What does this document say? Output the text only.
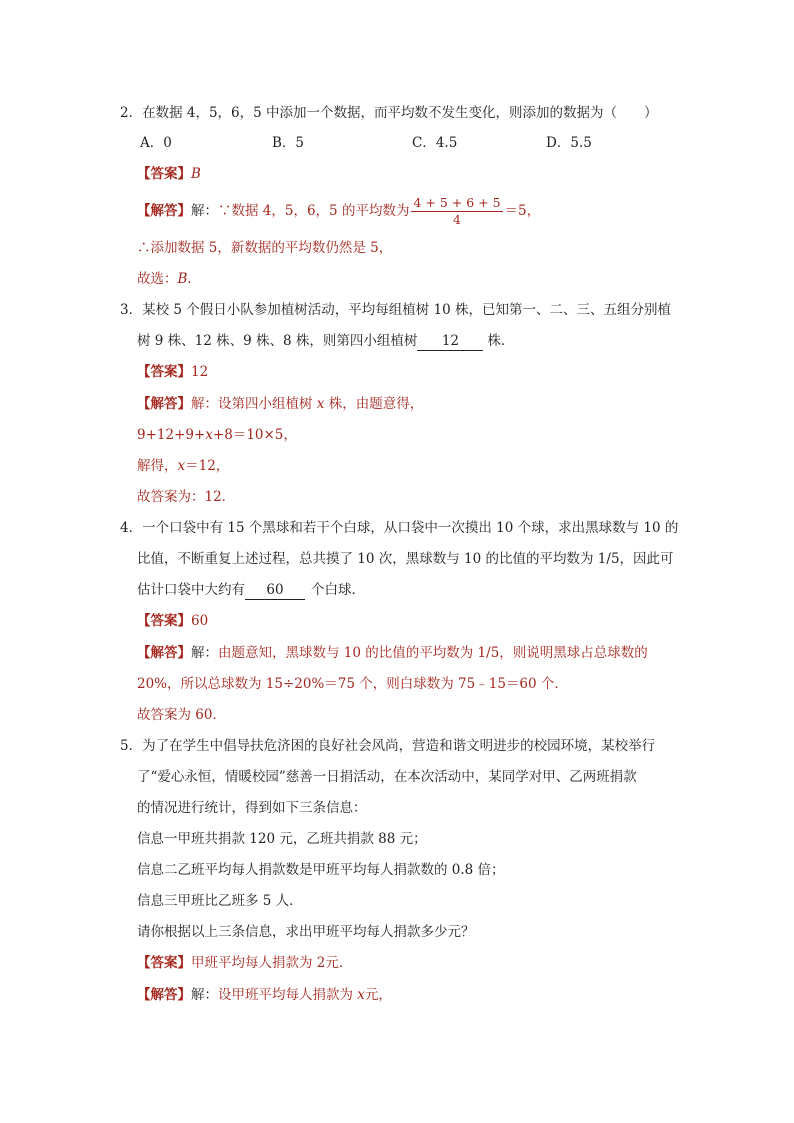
2．在数据 4，5，6，5 中添加一个数据，而平均数不发生变化，则添加的数据为（　　）
A．0	B．5	C．4.5	D．5.5
【答案】B
【解答】解：∵数据 4，5，6，5 的平均数为 $\frac{4 + 5 + 6 + 5}{4} =5$，
∴添加数据 5，新数据的平均数仍然是 5，
故选：B．
3．某校 5 个假日小队参加植树活动，平均每组植树 10 株，已知第一、二、三、五组分别植
树 9 株、12 株、9 株、8 株，则第四小组植树 12 株．
【答案】12
【解答】解：设第四小组植树 x 株，由题意得，
9+12+9+x+8＝10×5，
解得，x＝12，
故答案为：12．
4．一个口袋中有 15 个黑球和若干个白球，从口袋中一次摸出 10 个球，求出黑球数与 10 的
比值，不断重复上述过程，总共摸了 10 次，黑球数与 10 的比值的平均数为 1/5，因此可
估计口袋中大约有 60 个白球．
【答案】60
【解答】解：由题意知，黑球数与 10 的比值的平均数为 1/5，则说明黑球占总球数的
20%，所以总球数为 15÷20%＝75 个，则白球数为 75﹣15＝60 个．
故答案为 60．
5．为了在学生中倡导扶危济困的良好社会风尚，营造和谐文明进步的校园环境，某校举行
了“爱心永恒，情暖校园”慈善一日捐活动，在本次活动中，某同学对甲、乙两班捐款
的情况进行统计，得到如下三条信息：
信息一甲班共捐款 120 元，乙班共捐款 88 元；
信息二乙班平均每人捐款数是甲班平均每人捐款数的 0.8 倍；
信息三甲班比乙班多 5 人．
请你根据以上三条信息，求出甲班平均每人捐款多少元？
【答案】甲班平均每人捐款为 2元．
【解答】解：设甲班平均每人捐款为 x元，
